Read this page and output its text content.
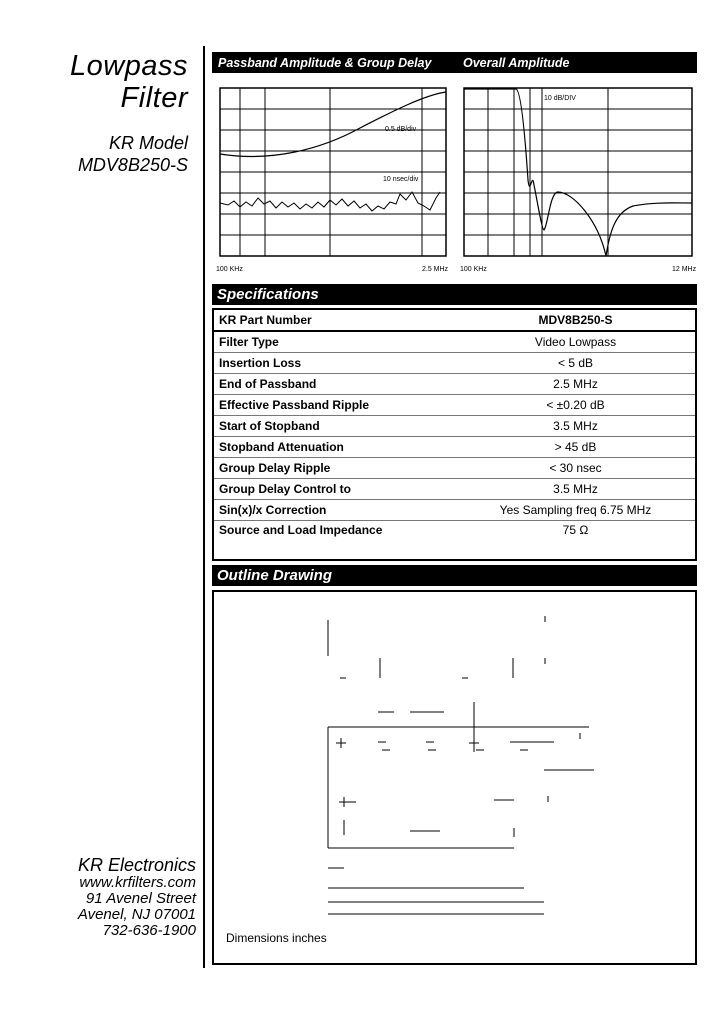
Lowpass
Filter
KR Model
MDV8B250-S
Passband Amplitude & Group Delay	Overall Amplitude
0.5 dB/div
10 nsec/div
100 KHz	2.5 MHz
10 dB/DIV
100 KHz	12 MHz
Specifications
KR Part Number	MDV8B250-S
Filter Type	Video Lowpass
Insertion Loss	< 5 dB
End of Passband	2.5 MHz
Effective Passband Ripple	< ±0.20 dB
Start of Stopband	3.5 MHz
Stopband Attenuation	> 45 dB
Group Delay Ripple	< 30 nsec
Group Delay Control to	3.5 MHz
Sin(x)/x Correction	Yes Sampling freq 6.75 MHz
Source and Load Impedance	75 Ω
Outline Drawing
Dimensions inches
KR Electronics
www.krfilters.com
91 Avenel Street
Avenel, NJ 07001
732-636-1900
